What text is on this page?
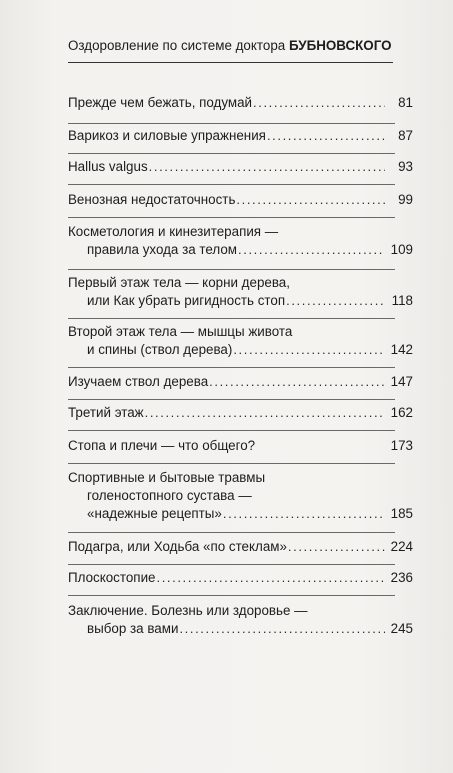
Оздоровление по системе доктора БУБНОВСКОГО
Прежде чем бежать, подумай .....	81
Варикоз и силовые упражнения .....	87
Hallus valgus .....	93
Венозная недостаточность .....	99
Косметология и кинезитерапия —
правила ухода за телом .....	109
Первый этаж тела — корни дерева,
или Как убрать ригидность стоп .....	118
Второй этаж тела — мышцы живота
и спины (ствол дерева) .....	142
Изучаем ствол дерева .....	147
Третий этаж .....	162
Стопа и плечи — что общего?	173
Спортивные и бытовые травмы
голеностопного сустава —
«надежные рецепты» .....	185
Подагра, или Ходьба «по стеклам» .....	224
Плоскостопие .....	236
Заключение. Болезнь или здоровье —
выбор за вами .....	245
